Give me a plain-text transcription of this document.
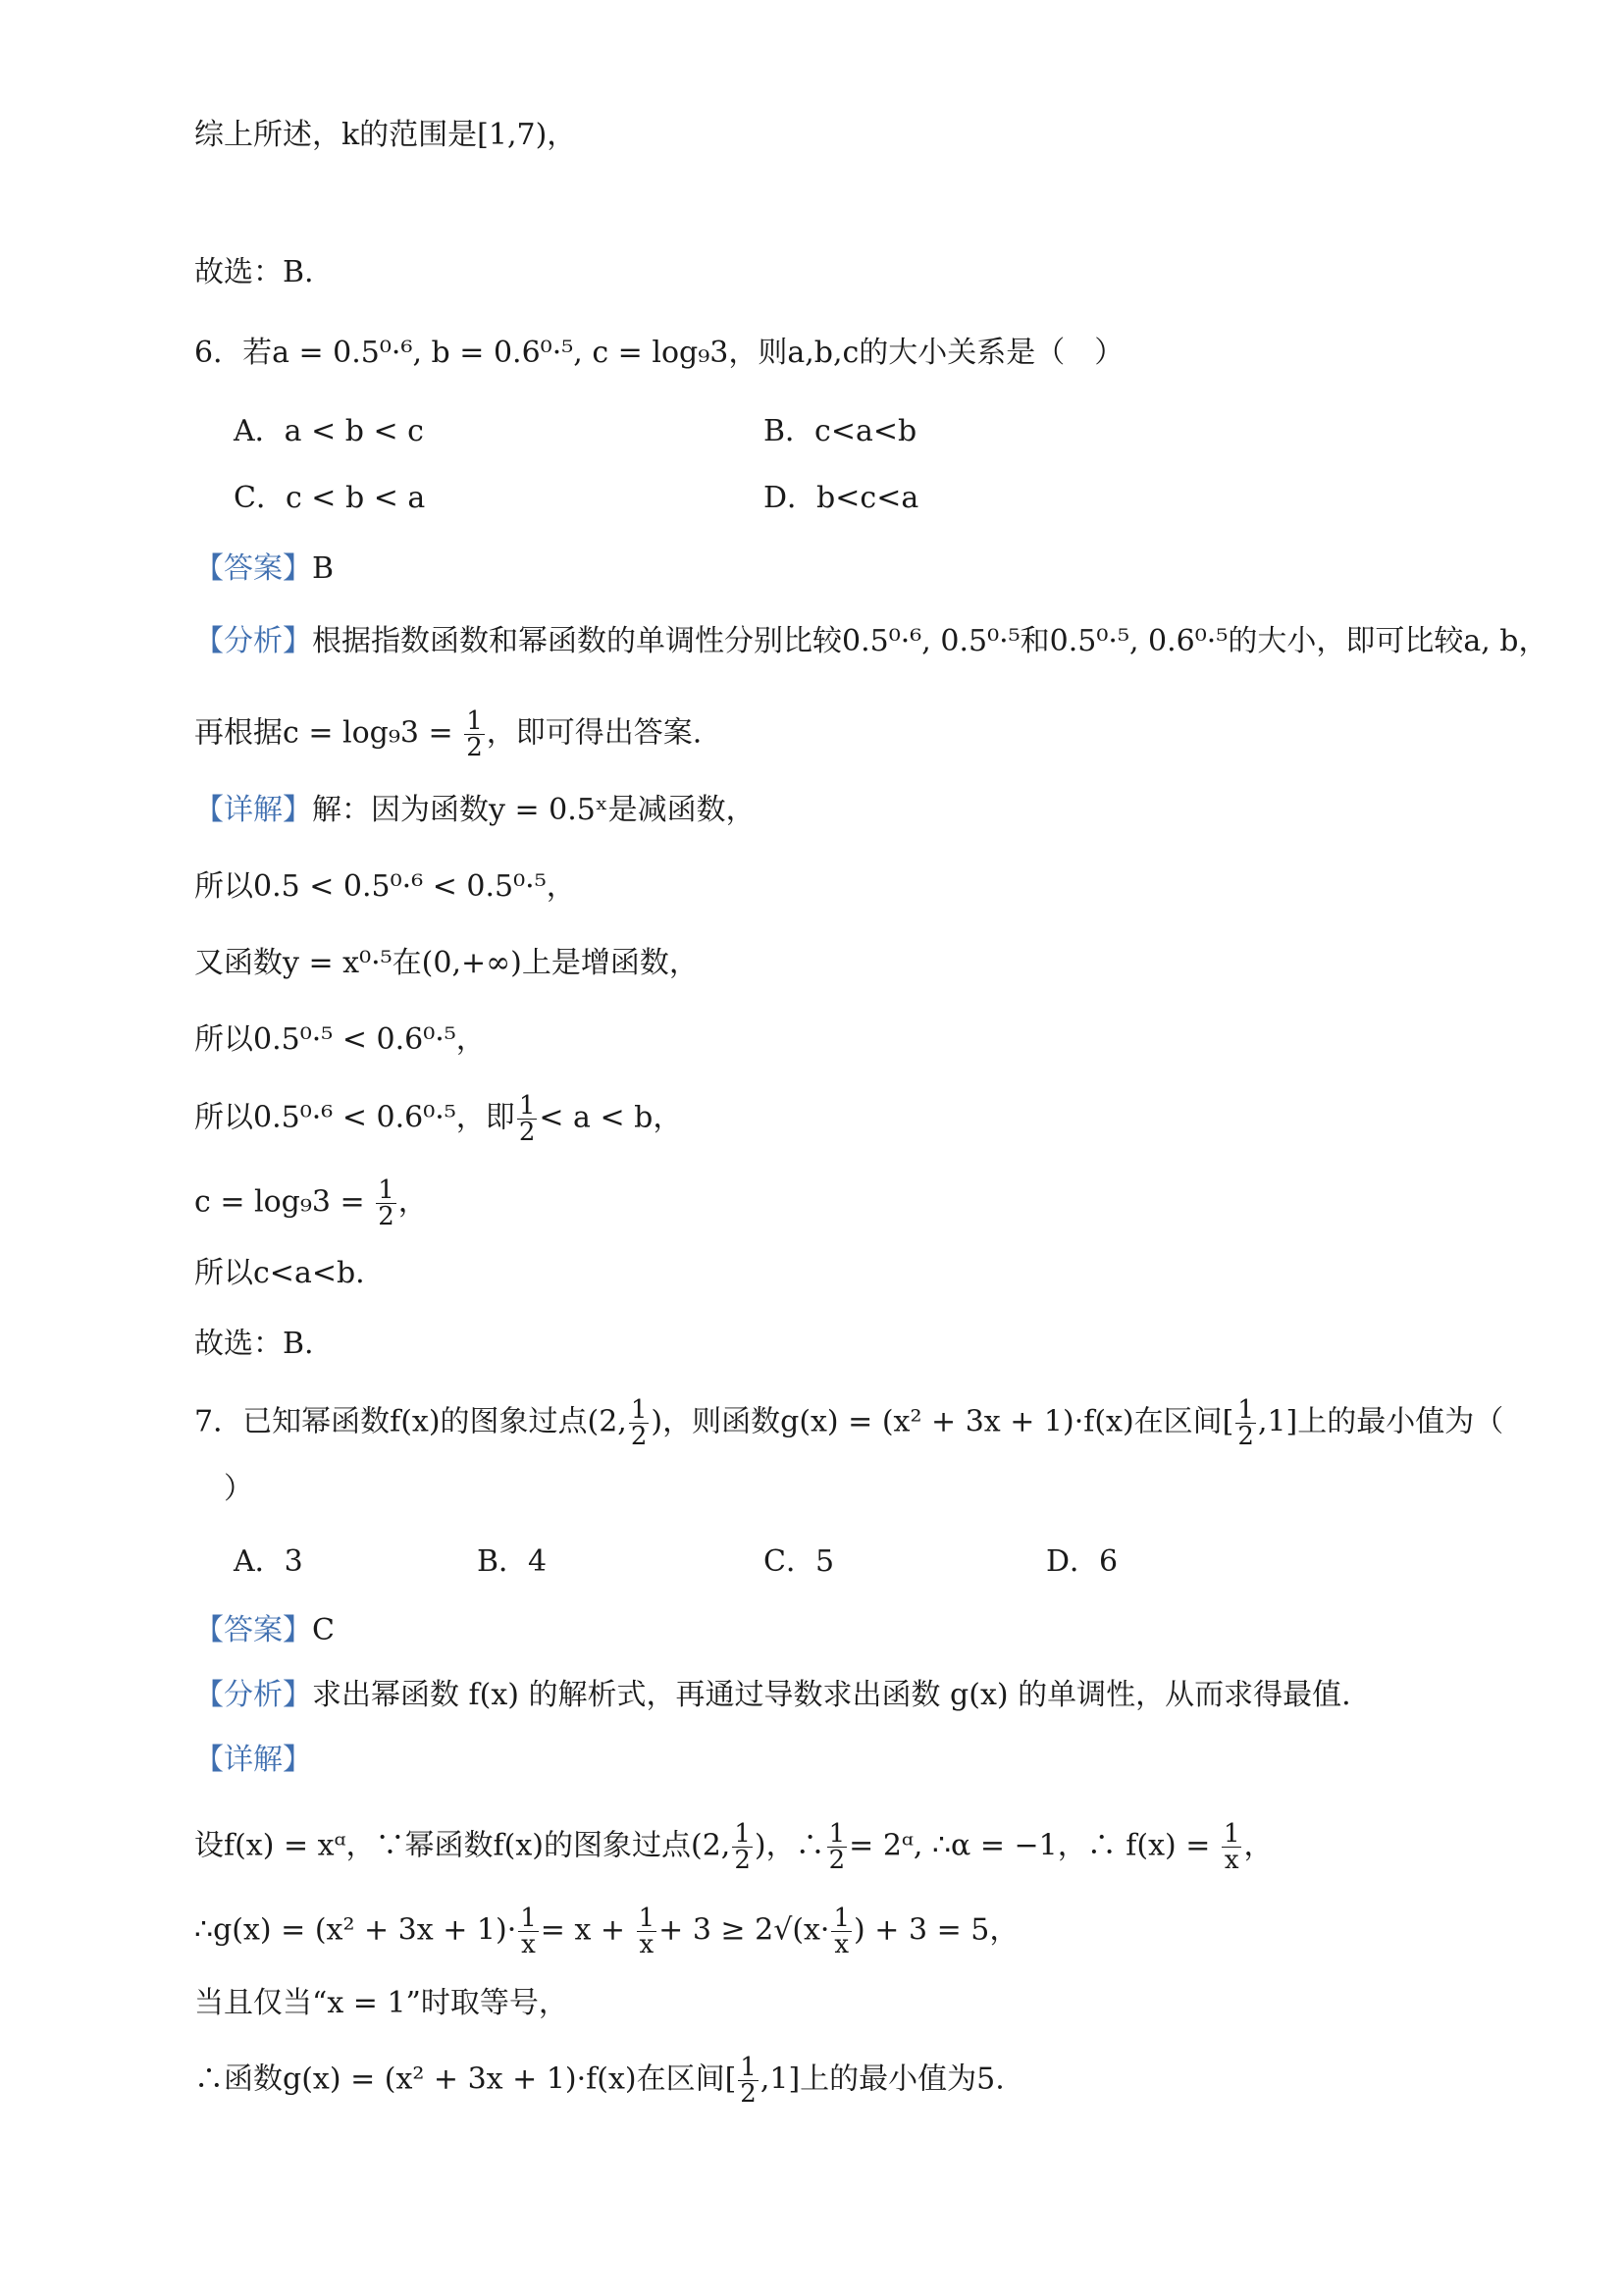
综上所述，k的范围是[1,7)，
故选：B.
6．若a = 0.5⁰·⁶, b = 0.6⁰·⁵, c = log₉3，则a,b,c的大小关系是（　）
A．a < b < c	B．c<a<b
C．c < b < a	D．b<c<a
【答案】B
【分析】根据指数函数和幂函数的单调性分别比较0.5⁰·⁶, 0.5⁰·⁵和0.5⁰·⁵, 0.6⁰·⁵的大小，即可比较a, b，
再根据$c = \log_93 = \frac{1}{2}$ ，即可得出答案.
【详解】解：因为函数y = 0.5ˣ是减函数，
所以0.5 < 0.5⁰·⁶ < 0.5⁰·⁵，
又函数y = x⁰·⁵在(0,+∞)上是增函数，
所以0.5⁰·⁵ < 0.6⁰·⁵，
所以0.5⁰·⁶ < 0.6⁰·⁵，即 $\frac{1}{2} < a < b$，
$c = \log_93 = \frac{1}{2}$ ，
所以c<a<b.
故选：B.
7．已知幂函数f(x)的图象过点(2, $\frac{1}{2}$ )，则函数g(x) = (x² + 3x + 1)·f(x)在区间[ $\frac{1}{2} ,1$]上的最小值为（
）
A．3	B．4	C．5	D．6
【答案】C
【分析】求出幂函数 f(x) 的解析式，再通过导数求出函数 g(x) 的单调性，从而求得最值.
【详解】
设f(x) = xᵅ，∵幂函数f(x)的图象过点(2, $\frac{1}{2}$ )，∴ $\frac{1}{2}$ = 2ᵅ, ∴α = −1，∴ $f(x) = \frac{1}{x}$ ，
∴g(x) = $(x^2 + 3x + 1)\cdot \frac{1}{x} = x + \frac{1}{x} + 3 \ge 2√(x\cdot \frac{1}{x}$ ) + 3 = 5，
当且仅当“x = 1”时取等号，
∴函数g(x) = (x² + 3x + 1)·f(x)在区间[ $\frac{1}{2} ,1$]上的最小值为5.
